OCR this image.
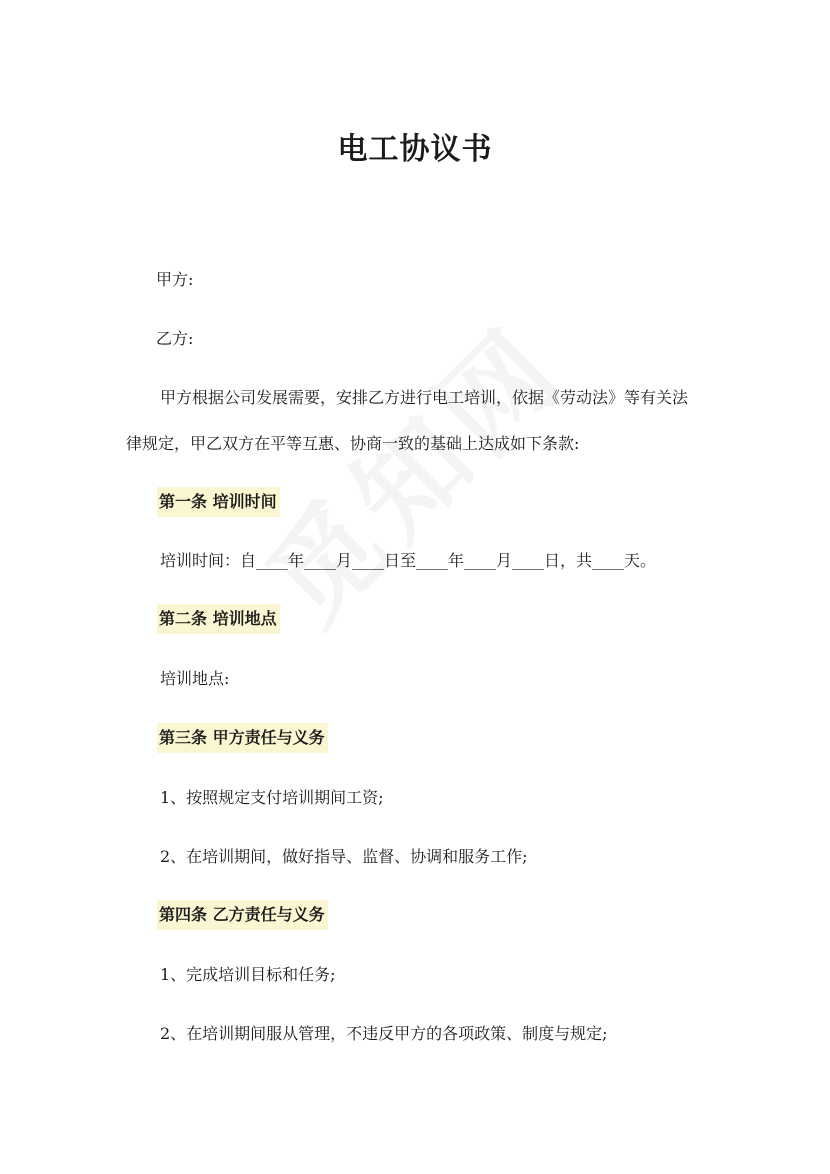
电工协议书
甲方:
乙方:
甲方根据公司发展需要，安排乙方进行电工培训，依据《劳动法》等有关法
律规定，甲乙双方在平等互惠、协商一致的基础上达成如下条款:
第一条 培训时间
培训时间：自____年____月____日至____年____月____日，共____天。
第二条 培训地点
培训地点:
第三条 甲方责任与义务
1、按照规定支付培训期间工资;
2、在培训期间，做好指导、监督、协调和服务工作;
第四条 乙方责任与义务
1、完成培训目标和任务;
2、在培训期间服从管理，不违反甲方的各项政策、制度与规定;
